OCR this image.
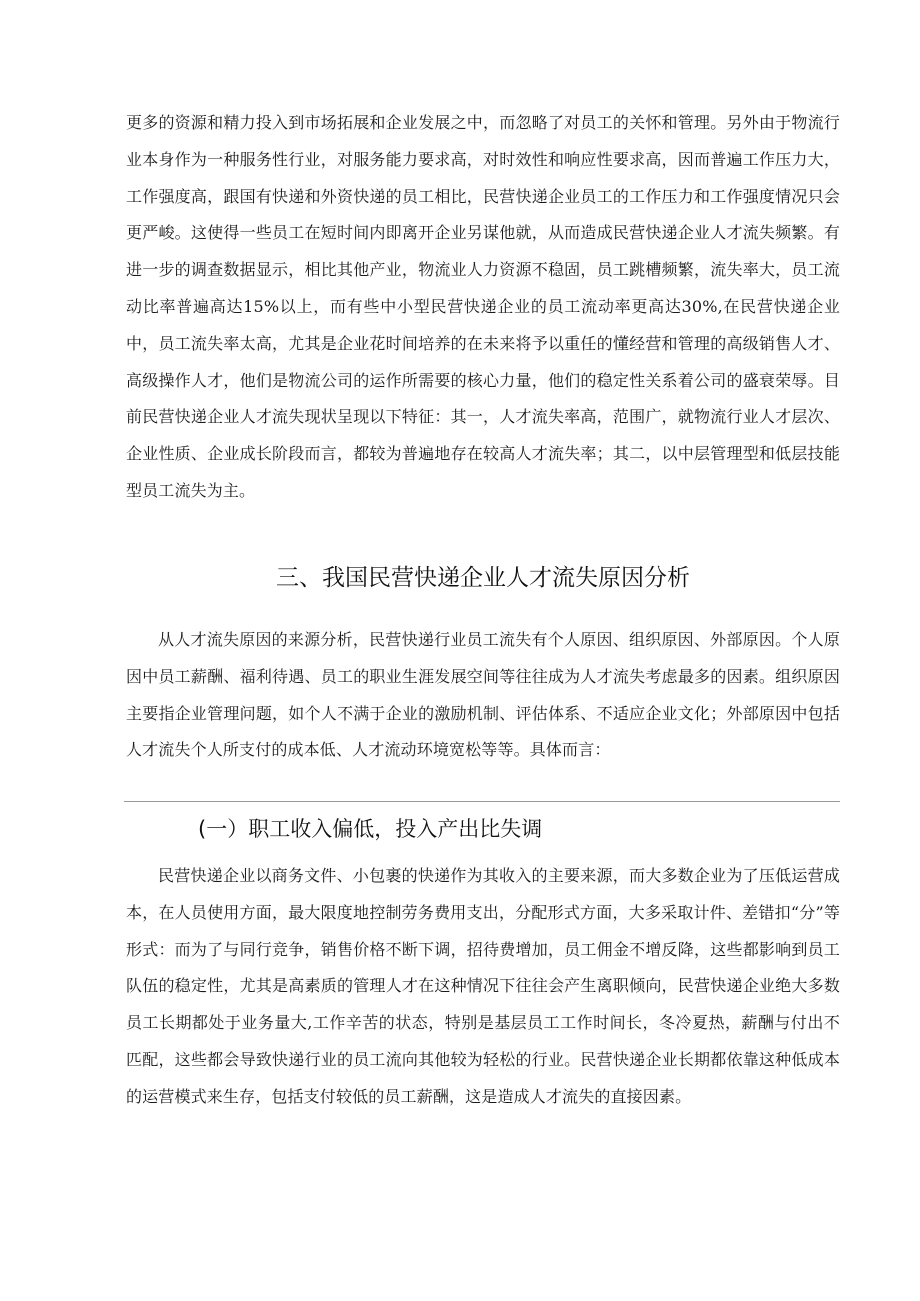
更多的资源和精力投入到市场拓展和企业发展之中，而忽略了对员工的关怀和管理。另外由于物流行业本身作为一种服务性行业，对服务能力要求高，对时效性和响应性要求高，因而普遍工作压力大，工作强度高，跟国有快递和外资快递的员工相比，民营快递企业员工的工作压力和工作强度情况只会更严峻。这使得一些员工在短时间内即离开企业另谋他就，从而造成民营快递企业人才流失频繁。有进一步的调查数据显示，相比其他产业，物流业人力资源不稳固，员工跳槽频繁，流失率大，员工流动比率普遍高达15%以上，而有些中小型民营快递企业的员工流动率更高达30%,在民营快递企业中，员工流失率太高，尤其是企业花时间培养的在未来将予以重任的懂经营和管理的高级销售人才、高级操作人才，他们是物流公司的运作所需要的核心力量，他们的稳定性关系着公司的盛衰荣辱。目前民营快递企业人才流失现状呈现以下特征：其一，人才流失率高，范围广，就物流行业人才层次、企业性质、企业成长阶段而言，都较为普遍地存在较高人才流失率；其二，以中层管理型和低层技能型员工流失为主。

三、我国民营快递企业人才流失原因分析

从人才流失原因的来源分析，民营快递行业员工流失有个人原因、组织原因、外部原因。个人原因中员工薪酬、福利待遇、员工的职业生涯发展空间等往往成为人才流失考虑最多的因素。组织原因主要指企业管理问题，如个人不满于企业的激励机制、评估体系、不适应企业文化；外部原因中包括人才流失个人所支付的成本低、人才流动环境宽松等等。具体而言：

(一）职工收入偏低，投入产出比失调

民营快递企业以商务文件、小包裹的快递作为其收入的主要来源，而大多数企业为了压低运营成本，在人员使用方面，最大限度地控制劳务费用支出，分配形式方面，大多采取计件、差错扣“分”等形式：而为了与同行竞争，销售价格不断下调，招待费增加，员工佣金不增反降，这些都影响到员工队伍的稳定性，尤其是高素质的管理人才在这种情况下往往会产生离职倾向，民营快递企业绝大多数员工长期都处于业务量大,工作辛苦的状态，特别是基层员工工作时间长，冬冷夏热，薪酬与付出不匹配，这些都会导致快递行业的员工流向其他较为轻松的行业。民营快递企业长期都依靠这种低成本的运营模式来生存，包括支付较低的员工薪酬，这是造成人才流失的直接因素。
